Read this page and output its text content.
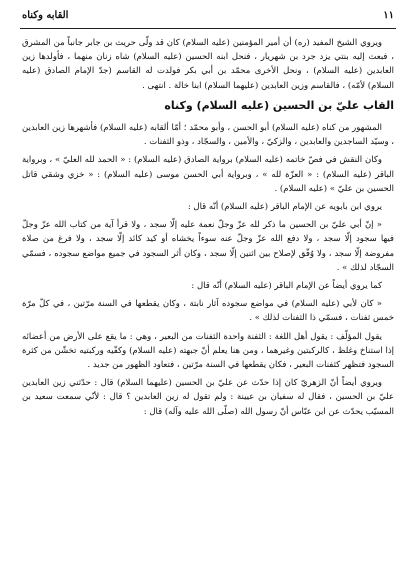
١١
القابه وكناه

ويروي الشيخ المفيد (ره) أن أمير المؤمنين (عليه السلام) كان قد ولّى حريث بن جابر جانباً من المشرق ، فبعث إليه بنتي يزد جرد بن شهريار ، فنحل ابنه الحسين (عليه السلام) شاه زنان منهما ، فأولدها زين العابدين (عليه السلام) ، ونحل الأخرى محمّد بن أبي بكر فولدت له القاسم (جدّ الإمام الصادق (عليه السلام) لأمّه) ، فالقاسم وزين العابدين (عليهما السلام) ابنا خالة . انتهى .

القاب عليّ بن الحسين (عليه السلام) وكناه

المشهور من كناه (عليه السلام) أبو الحسن ، وأبو محمّد ؛ أمّا ألقابه (عليه السلام) فأشهرها زين العابدين ، وسيّد الساجدين والعابدين ، والزكيّ ، والأمين ، والسجّاد ، وذو الثفنات .

وكان النقش في فصّ خاتمه (عليه السلام) برواية الصادق (عليه السلام) : « الحمد لله العليّ » ، وبرواية الباقر (عليه السلام) : « العزّة لله » ، وبرواية أبي الحسن موسى (عليه السلام) : « خزي وشقي قاتل الحسين بن عليّ » (عليه السلام) .

يروي ابن بابويه عن الإمام الباقر (عليه السلام) أنّه قال :

« إنّ أبي عليّ بن الحسين ما ذكر لله عزّ وجلّ نعمة عليه إلّا سجد ، ولا قرأ آية من كتاب الله عزّ وجلّ فيها سجود إلّا سجد ، ولا دفع الله عزّ وجلّ عنه سوءاً يخشاه أو كيد كائد إلّا سجد ، ولا فرغ من صلاة مفروضة إلّا سجد ، ولا وُفّق لإصلاح بين اثنين إلّا سجد ، وكان أثر السجود في جميع مواضع سجوده ، فسمّي السجّاد لذلك » .

كما يروي أيضاً عن الإمام الباقر (عليه السلام) أنّه قال :

« كان لأبي (عليه السلام) في مواضع سجوده آثار نابتة ، وكان يقطعها في السنة مرّتين ، في كلّ مرّة خمس ثفنات ، فسمّي ذا الثفنات لذلك » .

يقول المؤلّف : يقول أهل اللغة : الثفنة واحدة الثفنات من البعير ، وهي : ما يقع على الأرض من أعضائه إذا استناخ وغلظ ، كالركبتين وغيرهما ، ومن هنا يعلم أنّ جبهته (عليه السلام) وكفّيه وركبتيه تخشّن من كثرة السجود فتظهر كثفنات البعير ، فكان يقطعها في السنة مرّتين ، فتعاود الظهور من جديد .

ويروي أيضاً أنّ الزهريّ كان إذا حدّث عن عليّ بن الحسين (عليهما السلام) قال : حدّثني زين العابدين عليّ بن الحسين ، فقال له سفيان بن عيينة : ولم تقول له زين العابدين ؟ قال : لأنّي سمعت سعيد بن المسيّب يحدّث عن ابن عبّاس أنّ رسول الله (صلّى الله عليه وآله) قال :
